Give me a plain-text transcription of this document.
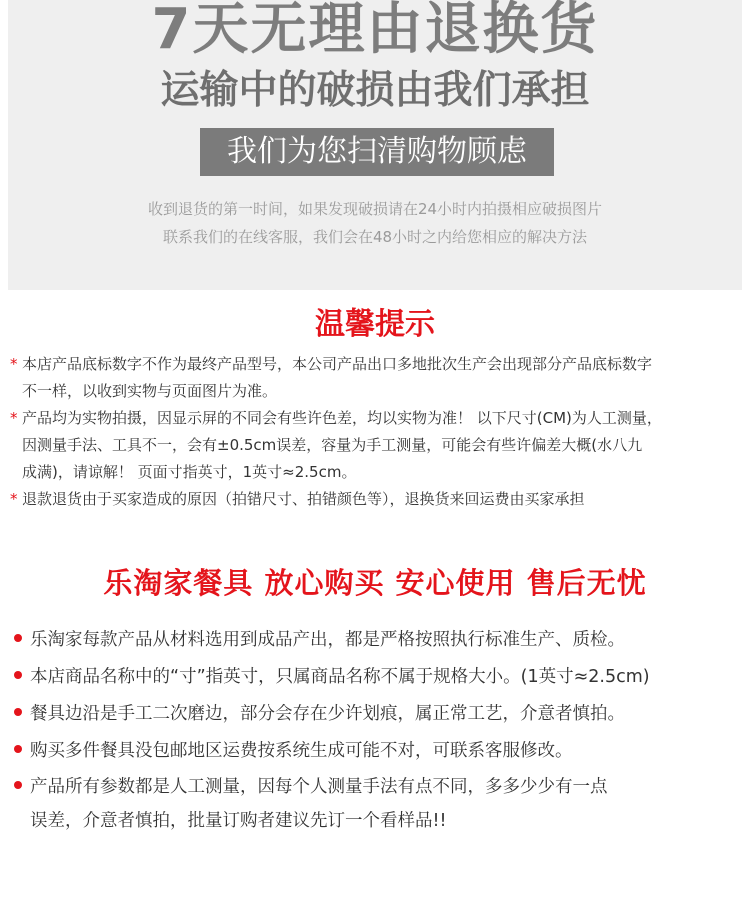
7天无理由退换货
运输中的破损由我们承担
我们为您扫清购物顾虑
收到退货的第一时间，如果发现破损请在24小时内拍摄相应破损图片
联系我们的在线客服，我们会在48小时之内给您相应的解决方法
温馨提示
* 本店产品底标数字不作为最终产品型号，本公司产品出口多地批次生产会出现部分产品底标数字
不一样，以收到实物与页面图片为准。
* 产品均为实物拍摄，因显示屏的不同会有些许色差，均以实物为准！ 以下尺寸(CM)为人工测量，
因测量手法、工具不一，会有±0.5cm误差，容量为手工测量，可能会有些许偏差大概(水八九
成满)，请谅解！ 页面寸指英寸，1英寸≈2.5cm。
* 退款退货由于买家造成的原因（拍错尺寸、拍错颜色等），退换货来回运费由买家承担
乐淘家餐具 放心购买 安心使用 售后无忧
乐淘家每款产品从材料选用到成品产出，都是严格按照执行标准生产、质检。
本店商品名称中的“寸”指英寸，只属商品名称不属于规格大小。(1英寸≈2.5cm)
餐具边沿是手工二次磨边，部分会存在少许划痕，属正常工艺，介意者慎拍。
购买多件餐具没包邮地区运费按系统生成可能不对，可联系客服修改。
产品所有参数都是人工测量，因每个人测量手法有点不同，多多少少有一点
误差，介意者慎拍，批量订购者建议先订一个看样品!!
